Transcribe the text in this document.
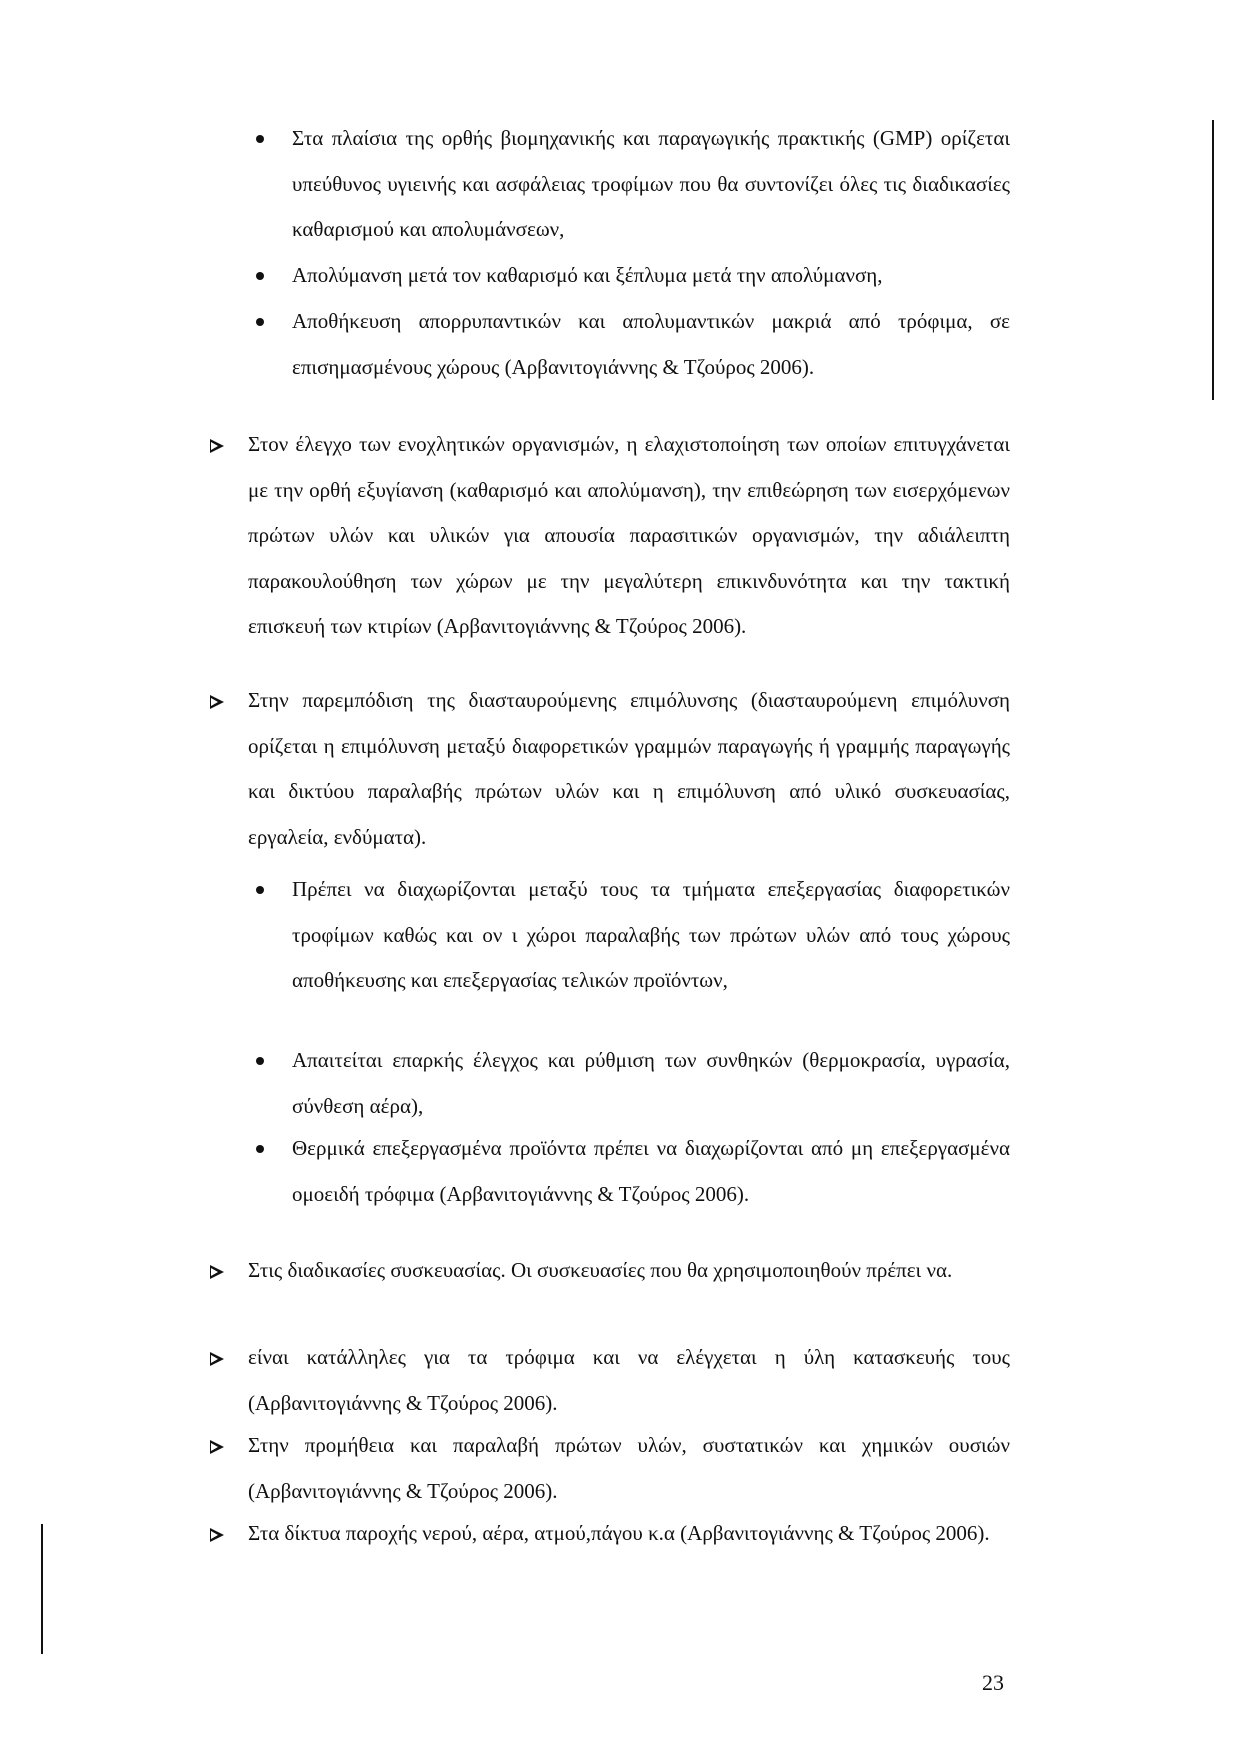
Στα πλαίσια της ορθής βιομηχανικής και παραγωγικής πρακτικής (GMP) ορίζεται υπεύθυνος υγιεινής και ασφάλειας τροφίμων που θα συντονίζει όλες τις διαδικασίες καθαρισμού και απολυμάνσεων,
Απολύμανση μετά τον καθαρισμό και ξέπλυμα μετά την απολύμανση,
Αποθήκευση απορρυπαντικών και απολυμαντικών μακριά από τρόφιμα, σε επισημασμένους χώρους (Αρβανιτογιάννης & Τζούρος 2006).
Στον έλεγχο των ενοχλητικών οργανισμών, η ελαχιστοποίηση των οποίων επιτυγχάνεται με την ορθή εξυγίανση (καθαρισμό και απολύμανση), την επιθεώρηση των εισερχόμενων πρώτων υλών και υλικών για απουσία παρασιτικών οργανισμών, την αδιάλειπτη παρακουλούθηση των χώρων με την μεγαλύτερη επικινδυνότητα και την τακτική επισκευή των κτιρίων (Αρβανιτογιάννης & Τζούρος 2006).
Στην παρεμπόδιση της διασταυρούμενης επιμόλυνσης (διασταυρούμενη επιμόλυνση ορίζεται η επιμόλυνση μεταξύ διαφορετικών γραμμών παραγωγής ή γραμμής παραγωγής και δικτύου παραλαβής πρώτων υλών και η επιμόλυνση από υλικό συσκευασίας, εργαλεία, ενδύματα).
Πρέπει να διαχωρίζονται μεταξύ τους τα τμήματα επεξεργασίας διαφορετικών τροφίμων καθώς και ον ι χώροι παραλαβής των πρώτων υλών από τους χώρους αποθήκευσης και επεξεργασίας τελικών προϊόντων,
Απαιτείται επαρκής έλεγχος και ρύθμιση των συνθηκών (θερμοκρασία, υγρασία, σύνθεση αέρα),
Θερμικά επεξεργασμένα προϊόντα πρέπει να διαχωρίζονται από μη επεξεργασμένα ομοειδή τρόφιμα (Αρβανιτογιάννης & Τζούρος 2006).
Στις διαδικασίες συσκευασίας. Οι συσκευασίες που θα χρησιμοποιηθούν πρέπει να.
είναι κατάλληλες για τα τρόφιμα και να ελέγχεται η ύλη κατασκευής τους (Αρβανιτογιάννης & Τζούρος 2006).
Στην προμήθεια και παραλαβή πρώτων υλών, συστατικών και χημικών ουσιών (Αρβανιτογιάννης & Τζούρος 2006).
Στα δίκτυα παροχής νερού, αέρα, ατμού,πάγου κ.α (Αρβανιτογιάννης & Τζούρος 2006).
23
